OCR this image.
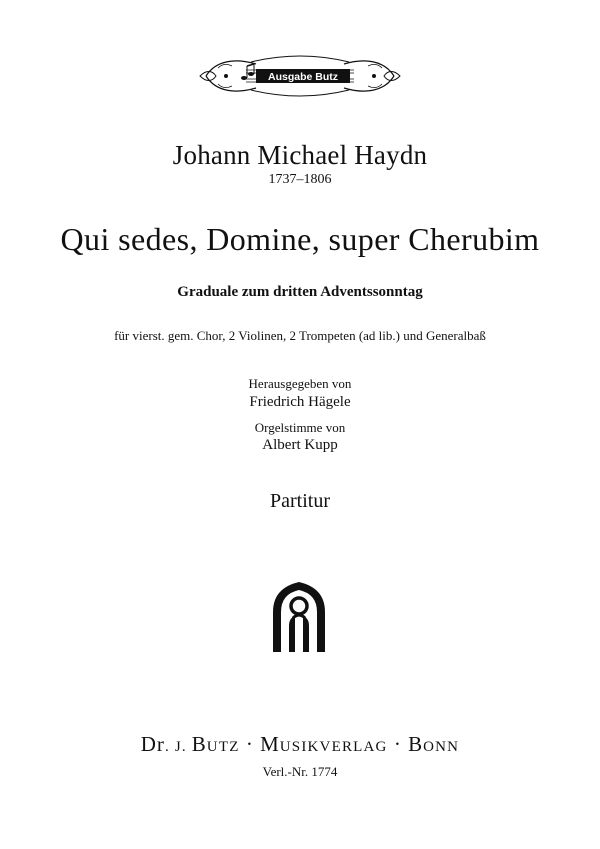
Ausgabe Butz
Johann Michael Haydn
1737–1806
Qui sedes, Domine, super Cherubim
Graduale zum dritten Adventssonntag
für vierst. gem. Chor, 2 Violinen, 2 Trompeten (ad lib.) und Generalbaß
Herausgegeben von
Friedrich Hägele
Orgelstimme von
Albert Kupp
Partitur
Dr. J. BUTZ · MUSIKVERLAG · BONN
Verl.-Nr. 1774
